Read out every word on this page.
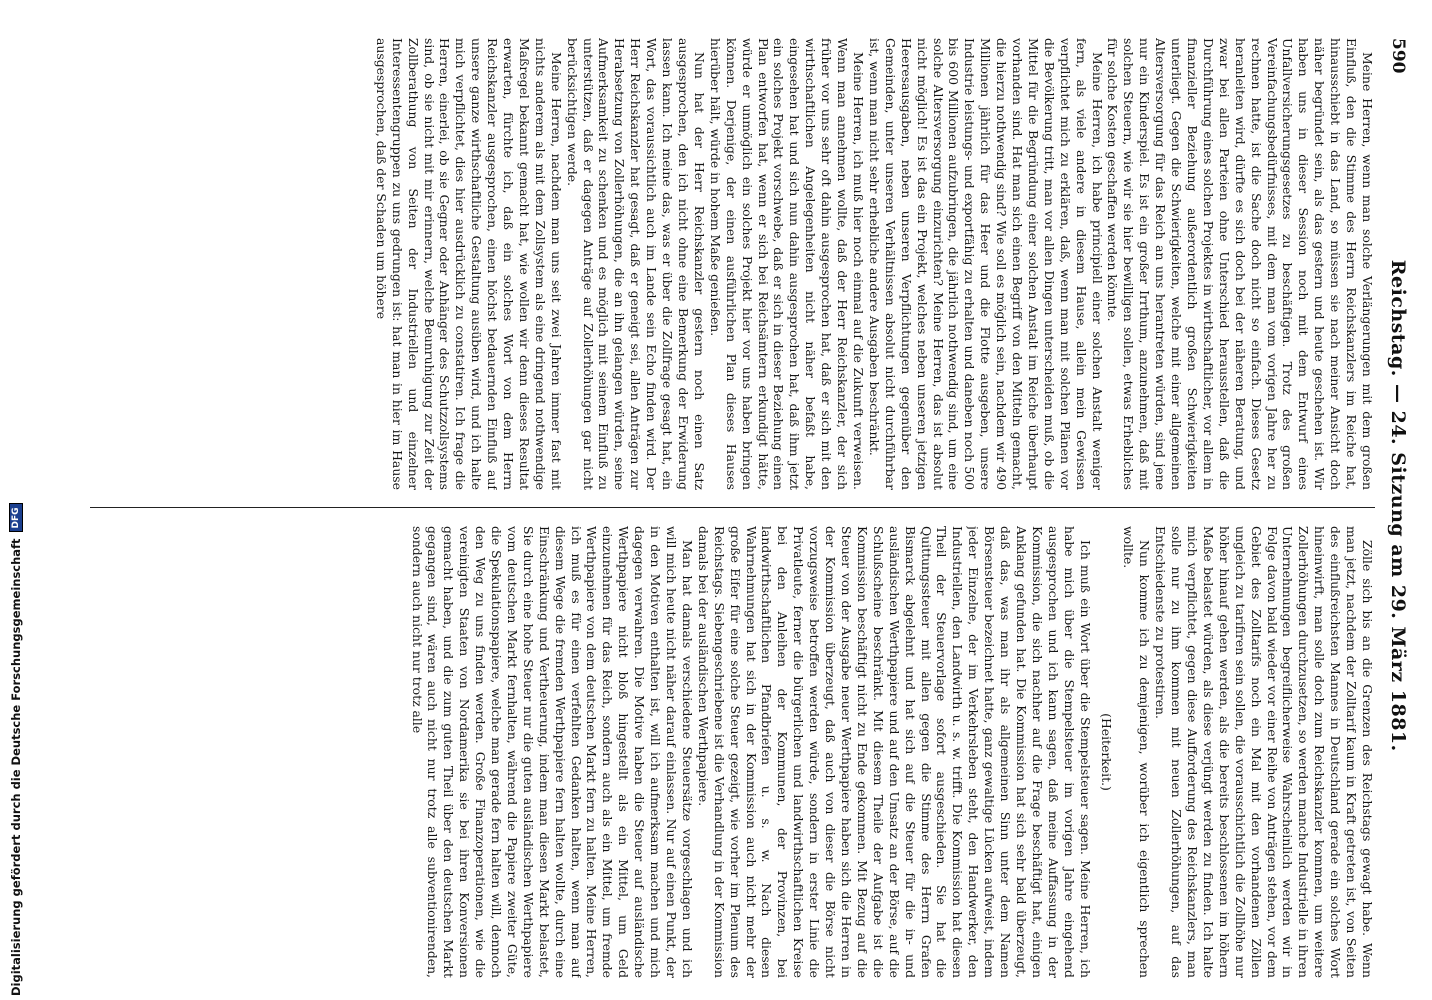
590
Reichstag. — 24. Sitzung am 29. März 1881.

Meine Herren, wenn man solche Verlängerungen mit dem großen Einfluß, den die Stimme des Herrn Reichskanzlers im Reiche hat, hinausschiebt in das Land, so müssen sie nach meiner Ansicht doch näher begründet sein, als das gestern und heute geschehen ist. Wir haben uns in dieser Session noch mit dem Entwurf eines Unfallversicherungsgesetzes zu beschäftigen. Trotz des großen Vereinfachungsbedürfnisses, mit dem man vom vorigen Jahre her zu rechnen hatte, ist die Sache doch nicht so einfach. Dieses Gesetz heranleiten wird, dürfte es sich doch bei der näheren Beratung, und zwar bei allen Parteien ohne Unterschied herausstellen, daß die Durchführung eines solchen Projektes in wirthschaftlicher, vor allem in finanzieller Beziehung außerordentlich großen Schwierigkeiten unterliegt. Gegen die Schwierigkeiten, welche mit einer allgemeinen Altersversorgung für das Reich an uns herantreten würden, sind jene nur ein Kinderspiel. Es ist ein großer Irrthum, anzunehmen, daß mit solchen Steuern, wie wir sie hier bewilligen sollen, etwas Erhebliches für solche Kosten geschaffen werden könnte.

Meine Herren, ich habe principiell einer solchen Anstalt weniger fern, als viele andere in diesem Hause, allein mein Gewissen verpflichtet mich zu erklären, daß, wenn man mit solchen Plänen vor die Bevölkerung tritt, man vor allen Dingen unterscheiden muß, ob die Mittel für die Begründung einer solchen Anstalt im Reiche überhaupt vorhanden sind. Hat man sich einen Begriff von den Mitteln gemacht, die hierzu nothwendig sind? Wie soll es möglich sein, nachdem wir 490 Millionen jährlich für das Heer und die Flotte ausgeben, unsere Industrie leistungs- und exportfähig zu erhalten und daneben noch 500 bis 600 Millionen aufzubringen, die jährlich nothwendig sind, um eine solche Altersversorgung einzurichten? Meine Herren, das ist absolut nicht möglich! Es ist das ein Projekt, welches neben unseren jetzigen Heeresausgaben, neben unseren Verpflichtungen gegenüber den Gemeinden, unter unseren Verhältnissen absolut nicht durchführbar ist, wenn man nicht sehr erhebliche andere Ausgaben beschränkt.

Meine Herren, ich muß hier noch einmal auf die Zukunft verweisen. Wenn man annehmen wollte, daß der Herr Reichskanzler, der sich früher vor uns sehr oft dahin ausgesprochen hat, daß er sich mit den wirthschaftlichen Angelegenheiten nicht näher befaßt habe, eingesehen hat und sich nun dahin ausgesprochen hat, daß ihm jetzt ein solches Projekt vorschwebe, daß er sich in dieser Beziehung einen Plan entworfen hat, wenn er sich bei Reichsämtern erkundigt hätte, würde er unmöglich ein solches Projekt hier vor uns haben bringen können. Derjenige, der einen ausführlichen Plan dieses Hauses hierüber hält, würde in hohem Maße genießen.

Nun hat der Herr Reichskanzler gestern noch einen Satz ausgesprochen, den ich nicht ohne eine Bemerkung der Erwiderung lassen kann. Ich meine das, was er über die Zollfrage gesagt hat, ein Wort, das voraussichtlich auch im Lande sein Echo finden wird. Der Herr Reichskanzler hat gesagt, daß er geneigt sei, allen Anträgen zur Herabsetzung von Zollerhöhungen, die an ihn gelangen würden, seine Aufmerksamkeit zu schenken und es möglich mit seinem Einfluß zu unterstützen, daß er dagegen Anträge auf Zollerhöhungen gar nicht berücksichtigen werde.

Meine Herren, nachdem man uns seit zwei Jahren immer fast mit nichts anderem als mit dem Zollsystem als eine dringend nothwendige Maßregel bekannt gemacht hat, wie wollen wir denn dieses Resultat erwarten, fürchte ich, daß ein solches Wort von dem Herrn Reichskanzler ausgesprochen, einen höchst bedauernden Einfluß auf unsere ganze wirthschaftliche Gestaltung ausüben wird, und ich halte mich verpflichtet, dies hier ausdrücklich zu constatiren. Ich frage die Herren, einerlei, ob sie Gegner oder Anhänger des Schutzzollsystems sind, ob sie nicht mit mir erinnern, welche Beunruhigung zur Zeit der Zollberathung von Seiten der Industriellen und einzelner Interessentengruppen zu uns gedrungen ist: hat man in hier im Hause ausgesprochen, daß der Schaden um höhere

Zölle sich bis an die Grenzen des Reichstags gewagt habe. Wenn man jetzt, nachdem der Zolltarif kaum in Kraft getreten ist, von Seiten des einflußreichsten Mannes in Deutschland gerade ein solches Wort hineinwirft, man solle doch zum Reichskanzler kommen, um weitere Zollerhöhungen durchzusetzen, so werden manche Industrielle in ihren Unternehmungen begreiflicherweise Wahrscheinlich werden wir in Folge davon bald wieder vor einer Reihe von Anträgen stehen, vor dem Gebiet des Zolltarifs noch ein Mal mit den vorhandenen Zöllen ungleich zu tarifiren sein sollen, die vorausschichtlich die Zollhöhe nur höher hinauf gehen werden, als die bereits beschlossenen im höhern Maße belastet würden, als diese verjüngt werden zu finden. Ich halte mich verpflichtet, gegen diese Aufforderung des Reichskanzlers, man solle nur zu ihm kommen mit neuen Zollerhöhungen, auf das Entschiedenste zu protestiren.

Nun komme ich zu demjenigen, worüber ich eigentlich sprechen wollte.

(Heiterkeit.)

Ich muß ein Wort über die Stempelsteuer sagen. Meine Herren, ich habe mich über die Stempelsteuer im vorigen Jahre eingehend ausgesprochen und ich kann sagen, daß meine Auffassung in der Kommission, die sich nachher auf die Frage beschäftigt hat, einigen Anklang gefunden hat. Die Kommission hat sich sehr bald überzeugt, daß das, was man ihr als allgemeinen Sinn unter dem Namen Börsensteuer bezeichnet hatte, ganz gewaltige Lücken aufweist, indem jeder Einzelne, der im Verkehrsleben steht, den Handwerker, den Industriellen, den Landwirth u. s. w. trifft. Die Kommission hat diesen Theil der Steuervorlage sofort ausgeschieden. Sie hat die Quittungssteuer mit allen gegen die Stimme des Herrn Grafen Bismarck abgelehnt und hat sich auf die Steuer für die in- und ausländischen Werthpapiere und auf den Umsatz an der Börse, auf die Schlußscheine beschränkt. Mit diesem Theile der Aufgabe ist die Kommission beschäftigt nicht zu Ende gekommen. Mit Bezug auf die Steuer von der Ausgabe neuer Werthpapiere haben sich die Herren in der Kommission überzeugt, daß auch von dieser die Börse nicht vorzugsweise betroffen werden würde, sondern in erster Linie die Privatleute, ferner die bürgerlichen und landwirthschaftlichen Kreise bei den Anleihen der Kommunen, der Provinzen, bei landwirthschaftlichen Pfandbriefen u. s. w. Nach diesen Wahrnehmungen hat sich in der Kommission auch nicht mehr der große Eifer für eine solche Steuer gezeigt, wie vorher im Plenum des Reichstags. Siebengeschriebene ist die Verhandlung in der Kommission damals bei der ausländischen Werthpapiere.

Man hat damals verschiedene Steuersätze vorgeschlagen und ich will mich heute nicht näher darauf einlassen. Nur auf einen Punkt, der in den Motiven enthalten ist, will ich aufmerksam machen und mich dagegen verwahren. Die Motive haben die Steuer auf ausländische Werthpapiere nicht bloß hingestellt als ein Mittel, um Geld einzunehmen für das Reich, sondern auch als ein Mittel, um fremde Werthpapiere von dem deutschen Markt fern zu halten. Meine Herren, ich muß es für einen verfehlten Gedanken halten, wenn man auf diesem Wege die fremden Werthpapiere fern halten wollte, durch eine Einschränkung und Vertheuerung, indem man diesen Markt belastet, Sie durch eine hohe Steuer nur die guten ausländischen Werthpapiere vom deutschen Markt fernhalten, während die Papiere zweiter Güte, die Spekulationspapiere, welche man gerade fern halten will, dennoch den Weg zu uns finden werden. Große Finanzoperationen, wie die vereinigten Staaten von Nordamerika sie bei ihren Konversionen gemacht haben, und die zum guten Theil über den deutschen Markt gegangen sind, wären auch nicht nur trotz alle subventionirenden, sondern auch nicht nur trotz alle

Digitalisierung gefördert durch die Deutsche Forschungsgemeinschaft
DFG
